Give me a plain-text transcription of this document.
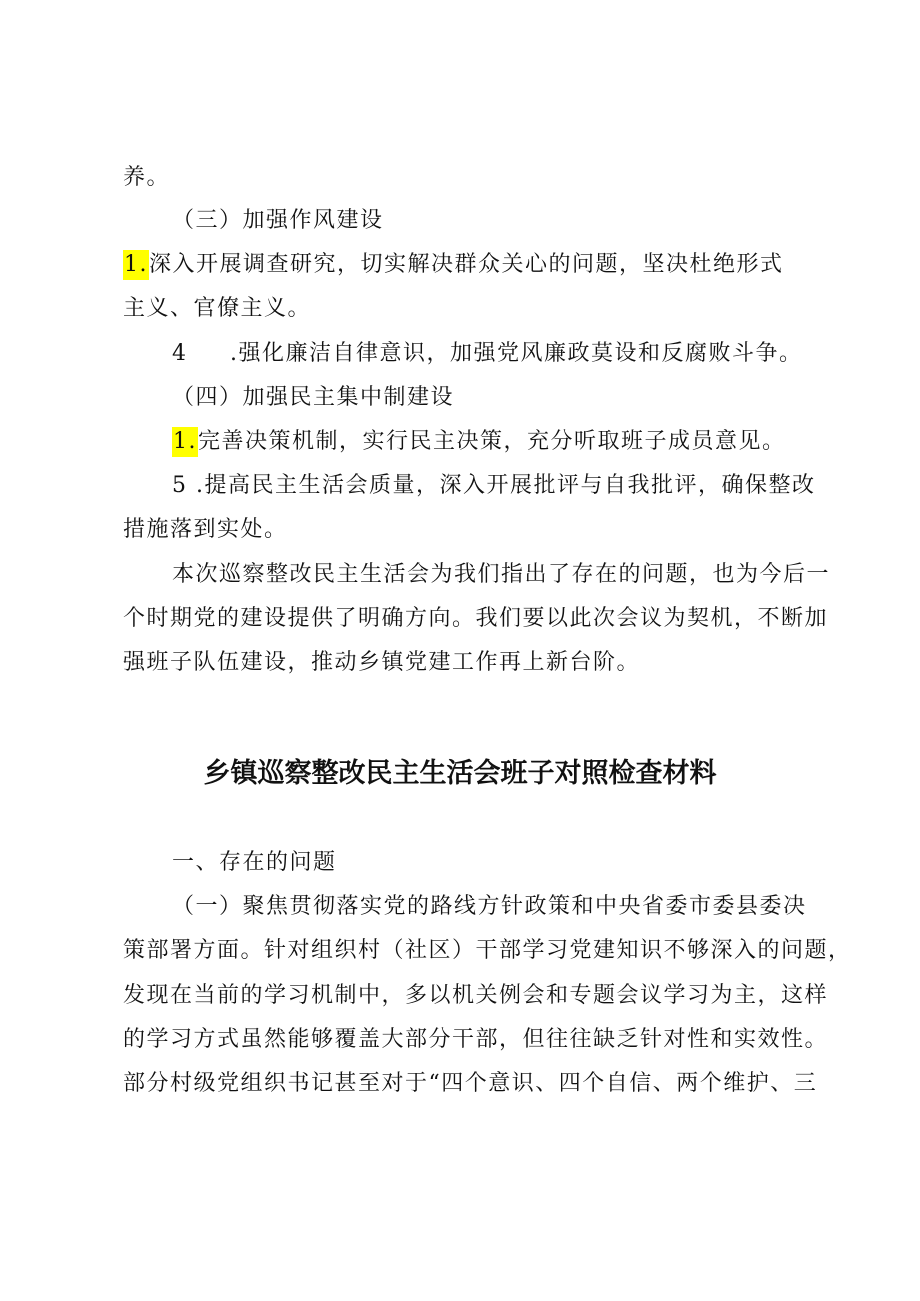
养。
（三）加强作风建设
1.深入开展调查研究，切实解决群众关心的问题，坚决杜绝形式
主义、官僚主义。
4 .强化廉洁自律意识，加强党风廉政莫设和反腐败斗争。
（四）加强民主集中制建设
1.完善决策机制，实行民主决策，充分听取班子成员意见。
5 .提高民主生活会质量，深入开展批评与自我批评，确保整改
措施落到实处。
本次巡察整改民主生活会为我们指出了存在的问题，也为今后一
个时期党的建设提供了明确方向。我们要以此次会议为契机，不断加
强班子队伍建设，推动乡镇党建工作再上新台阶。
乡镇巡察整改民主生活会班子对照检查材料
一、存在的问题
（一）聚焦贯彻落实党的路线方针政策和中央省委市委县委决
策部署方面。针对组织村（社区）干部学习党建知识不够深入的问题，
发现在当前的学习机制中，多以机关例会和专题会议学习为主，这样
的学习方式虽然能够覆盖大部分干部，但往往缺乏针对性和实效性。
部分村级党组织书记甚至对于“四个意识、四个自信、两个维护、三
